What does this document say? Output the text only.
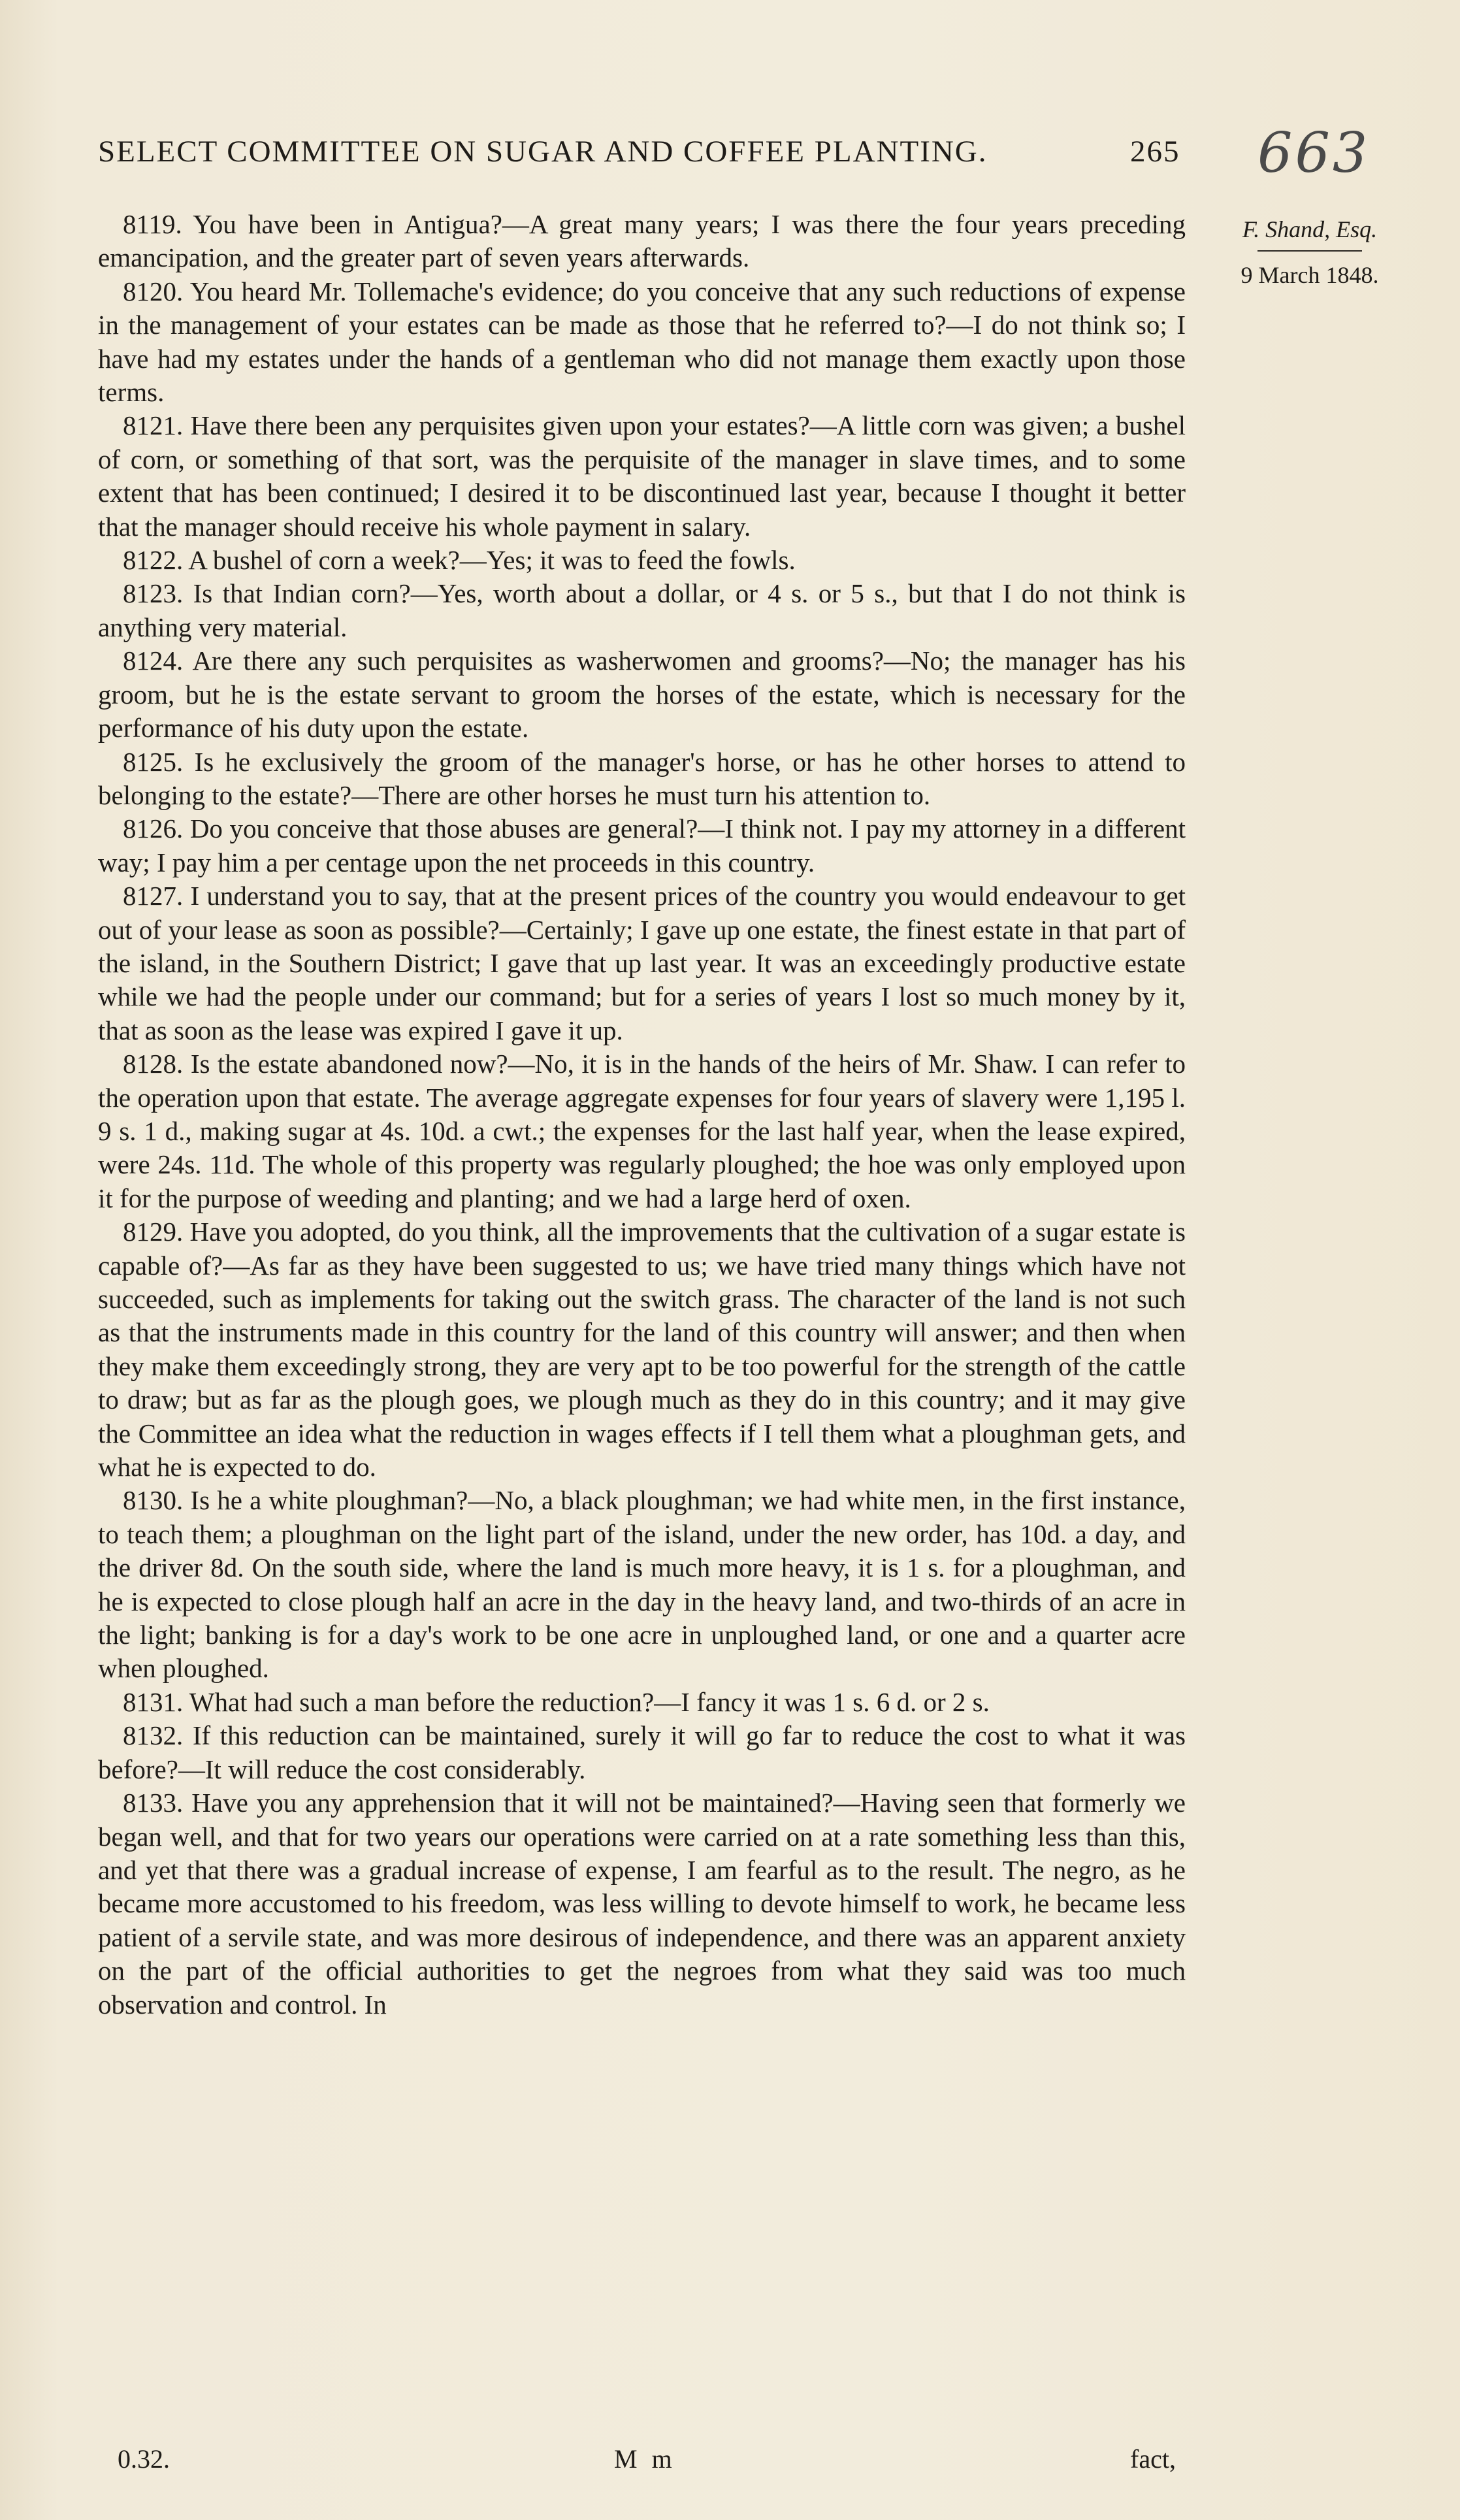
SELECT COMMITTEE ON SUGAR AND COFFEE PLANTING.	265 663
F. Shand, Esq.
9 March 1848.

8119. You have been in Antigua?—A great many years; I was there the four years preceding emancipation, and the greater part of seven years afterwards.

8120. You heard Mr. Tollemache's evidence; do you conceive that any such reductions of expense in the management of your estates can be made as those that he referred to?—I do not think so; I have had my estates under the hands of a gentleman who did not manage them exactly upon those terms.

8121. Have there been any perquisites given upon your estates?—A little corn was given; a bushel of corn, or something of that sort, was the perquisite of the manager in slave times, and to some extent that has been continued; I desired it to be discontinued last year, because I thought it better that the manager should receive his whole payment in salary.

8122. A bushel of corn a week?—Yes; it was to feed the fowls.

8123. Is that Indian corn?—Yes, worth about a dollar, or 4 s. or 5 s., but that I do not think is anything very material.

8124. Are there any such perquisites as washerwomen and grooms?—No; the manager has his groom, but he is the estate servant to groom the horses of the estate, which is necessary for the performance of his duty upon the estate.

8125. Is he exclusively the groom of the manager's horse, or has he other horses to attend to belonging to the estate?—There are other horses he must turn his attention to.

8126. Do you conceive that those abuses are general?—I think not. I pay my attorney in a different way; I pay him a per centage upon the net proceeds in this country.

8127. I understand you to say, that at the present prices of the country you would endeavour to get out of your lease as soon as possible?—Certainly; I gave up one estate, the finest estate in that part of the island, in the Southern District; I gave that up last year. It was an exceedingly productive estate while we had the people under our command; but for a series of years I lost so much money by it, that as soon as the lease was expired I gave it up.

8128. Is the estate abandoned now?—No, it is in the hands of the heirs of Mr. Shaw. I can refer to the operation upon that estate. The average aggregate expenses for four years of slavery were 1,195 l. 9 s. 1 d., making sugar at 4s. 10d. a cwt.; the expenses for the last half year, when the lease expired, were 24s. 11d. The whole of this property was regularly ploughed; the hoe was only employed upon it for the purpose of weeding and planting; and we had a large herd of oxen.

8129. Have you adopted, do you think, all the improvements that the cultivation of a sugar estate is capable of?—As far as they have been suggested to us; we have tried many things which have not succeeded, such as implements for taking out the switch grass. The character of the land is not such as that the instruments made in this country for the land of this country will answer; and then when they make them exceedingly strong, they are very apt to be too powerful for the strength of the cattle to draw; but as far as the plough goes, we plough much as they do in this country; and it may give the Committee an idea what the reduction in wages effects if I tell them what a ploughman gets, and what he is expected to do.

8130. Is he a white ploughman?—No, a black ploughman; we had white men, in the first instance, to teach them; a ploughman on the light part of the island, under the new order, has 10d. a day, and the driver 8d. On the south side, where the land is much more heavy, it is 1 s. for a ploughman, and he is expected to close plough half an acre in the day in the heavy land, and two-thirds of an acre in the light; banking is for a day's work to be one acre in unploughed land, or one and a quarter acre when ploughed.

8131. What had such a man before the reduction?—I fancy it was 1 s. 6 d. or 2 s.

8132. If this reduction can be maintained, surely it will go far to reduce the cost to what it was before?—It will reduce the cost considerably.

8133. Have you any apprehension that it will not be maintained?—Having seen that formerly we began well, and that for two years our operations were carried on at a rate something less than this, and yet that there was a gradual increase of expense, I am fearful as to the result. The negro, as he became more accustomed to his freedom, was less willing to devote himself to work, he became less patient of a servile state, and was more desirous of independence, and there was an apparent anxiety on the part of the official authorities to get the negroes from what they said was too much observation and control. In

0.32.	M m	fact,
